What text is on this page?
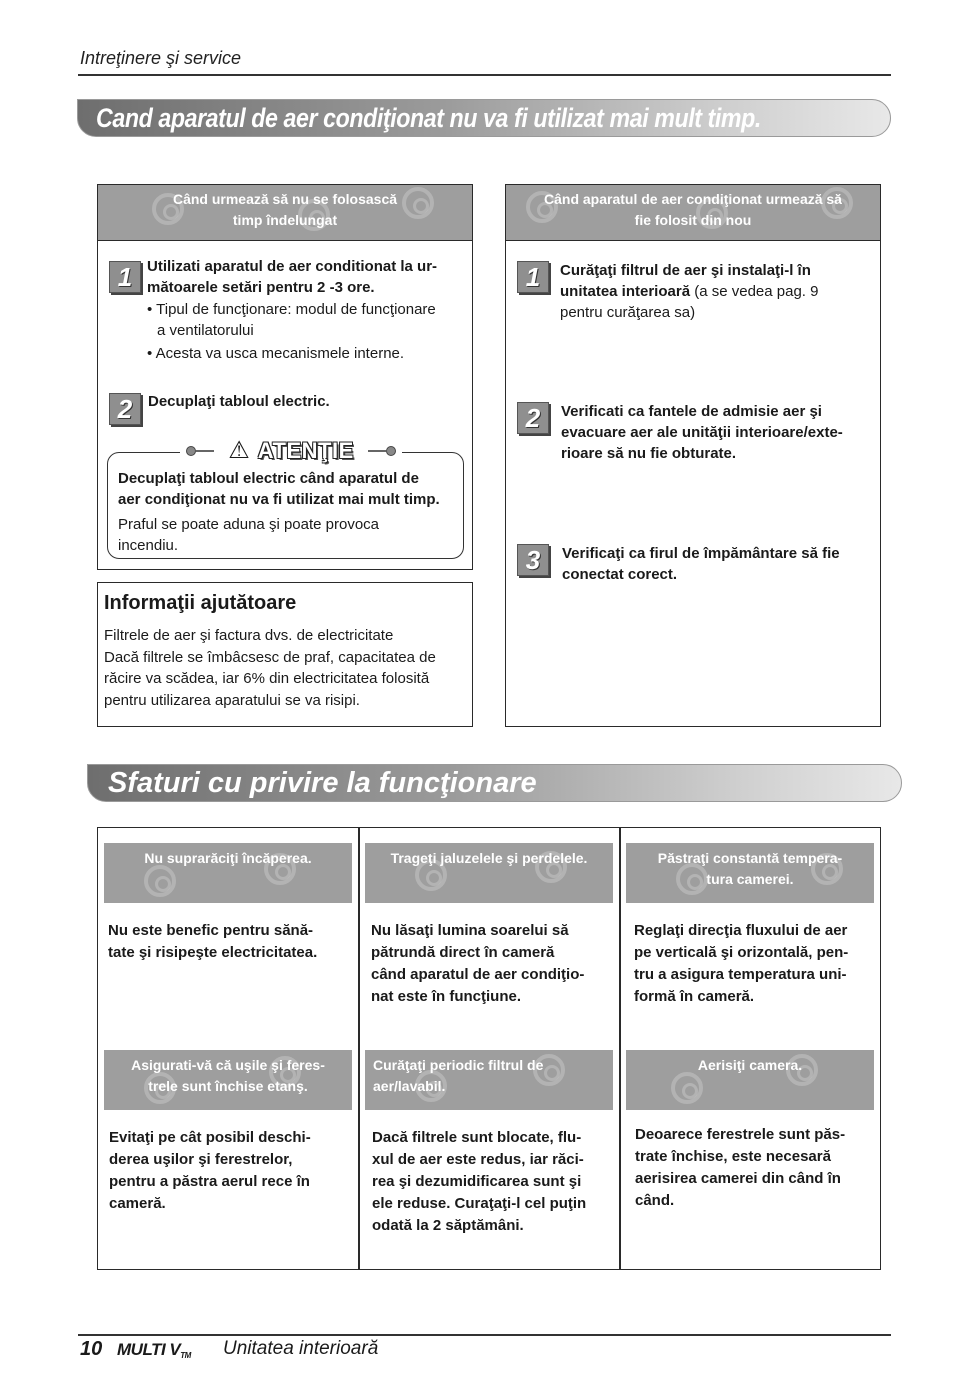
Intreţinere şi service
Cand aparatul de aer condiţionat nu va fi utilizat mai mult timp.
Când urmează să nu se folosască
timp îndelungat
1 Utilizati aparatul de aer conditionat la ur-
mătoarele setări pentru 2 -3 ore.
• Tipul de funcţionare: modul de funcţionare
a ventilatorului
• Acesta va usca mecanismele interne.
2	Decuplaţi tabloul electric.
⚠ ATENŢIE
Decuplaţi tabloul electric când aparatul de
aer condiţionat nu va fi utilizat mai mult timp.
Praful se poate aduna şi poate provoca
incendiu.
Informaţii ajutătoare
Filtrele de aer şi factura dvs. de electricitate
Dacă filtrele se îmbâcsesc de praf, capacitatea de
răcire va scădea, iar 6% din electricitatea folosită
pentru utilizarea aparatului se va risipi.
Când aparatul de aer condiţionat urmează să
fie folosit din nou
1	Curăţaţi filtrul de aer şi instalaţi-l în
unitatea interioară (a se vedea pag. 9
pentru curăţarea sa)
2	Verificati ca fantele de admisie aer şi
evacuare aer ale unităţii interioare/exte-
rioare să nu fie obturate.
3	Verificaţi ca firul de împământare să fie
conectat corect.
Sfaturi cu privire la funcţionare
Nu suprarăciţi încăperea.

Nu este benefic pentru sănă-
tate şi risipeşte electricitatea.
Trageţi jaluzelele şi perdelele.

Nu lăsaţi lumina soarelui să
pătrundă direct în cameră
când aparatul de aer condiţio-
nat este în funcţiune.
Păstraţi constantă tempera-
tura camerei.
Reglaţi direcţia fluxului de aer
pe verticală şi orizontală, pen-
tru a asigura temperatura uni-
formă în cameră.
Asigurati-vă că uşile şi feres-
trele sunt închise etanş.
Evitaţi pe cât posibil deschi-
derea uşilor şi ferestrelor,
pentru a păstra aerul rece în
cameră.
Curăţaţi periodic filtrul de
aer/lavabil.
Dacă filtrele sunt blocate, flu-
xul de aer este redus, iar răci-
rea şi dezumidificarea sunt şi
ele reduse. Curaţaţi-l cel puţin
odată la 2 săptămâni.
Aerisiţi camera.

Deoarece ferestrele sunt păs-
trate închise, este necesară
aerisirea camerei din când în
când.
10 MULTI VTM Unitatea interioară
